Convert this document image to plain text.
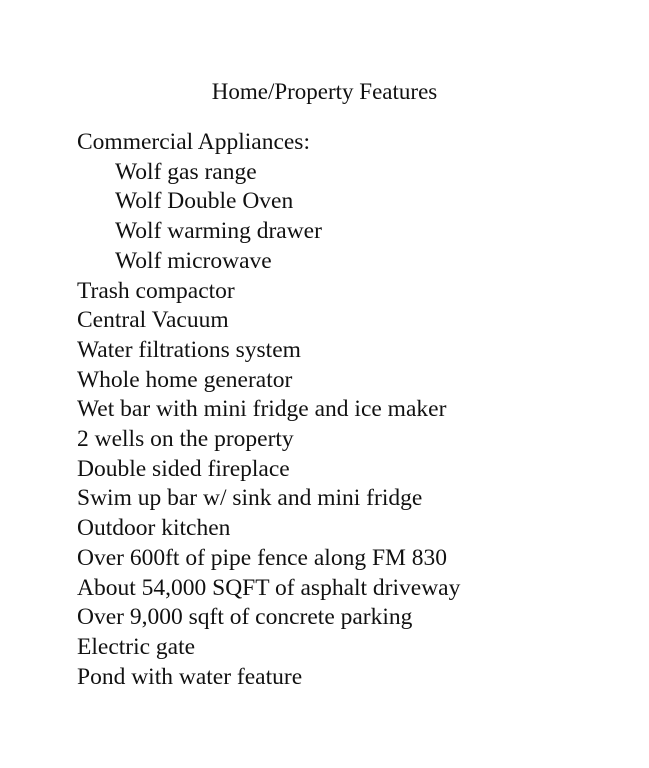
Home/Property Features
Commercial Appliances:
Wolf gas range
Wolf Double Oven
Wolf warming drawer
Wolf microwave
Trash compactor
Central Vacuum
Water filtrations system
Whole home generator
Wet bar with mini fridge and ice maker
2 wells on the property
Double sided fireplace
Swim up bar w/ sink and mini fridge
Outdoor kitchen
Over 600ft of pipe fence along FM 830
About 54,000 SQFT of asphalt driveway
Over 9,000 sqft of concrete parking
Electric gate
Pond with water feature
